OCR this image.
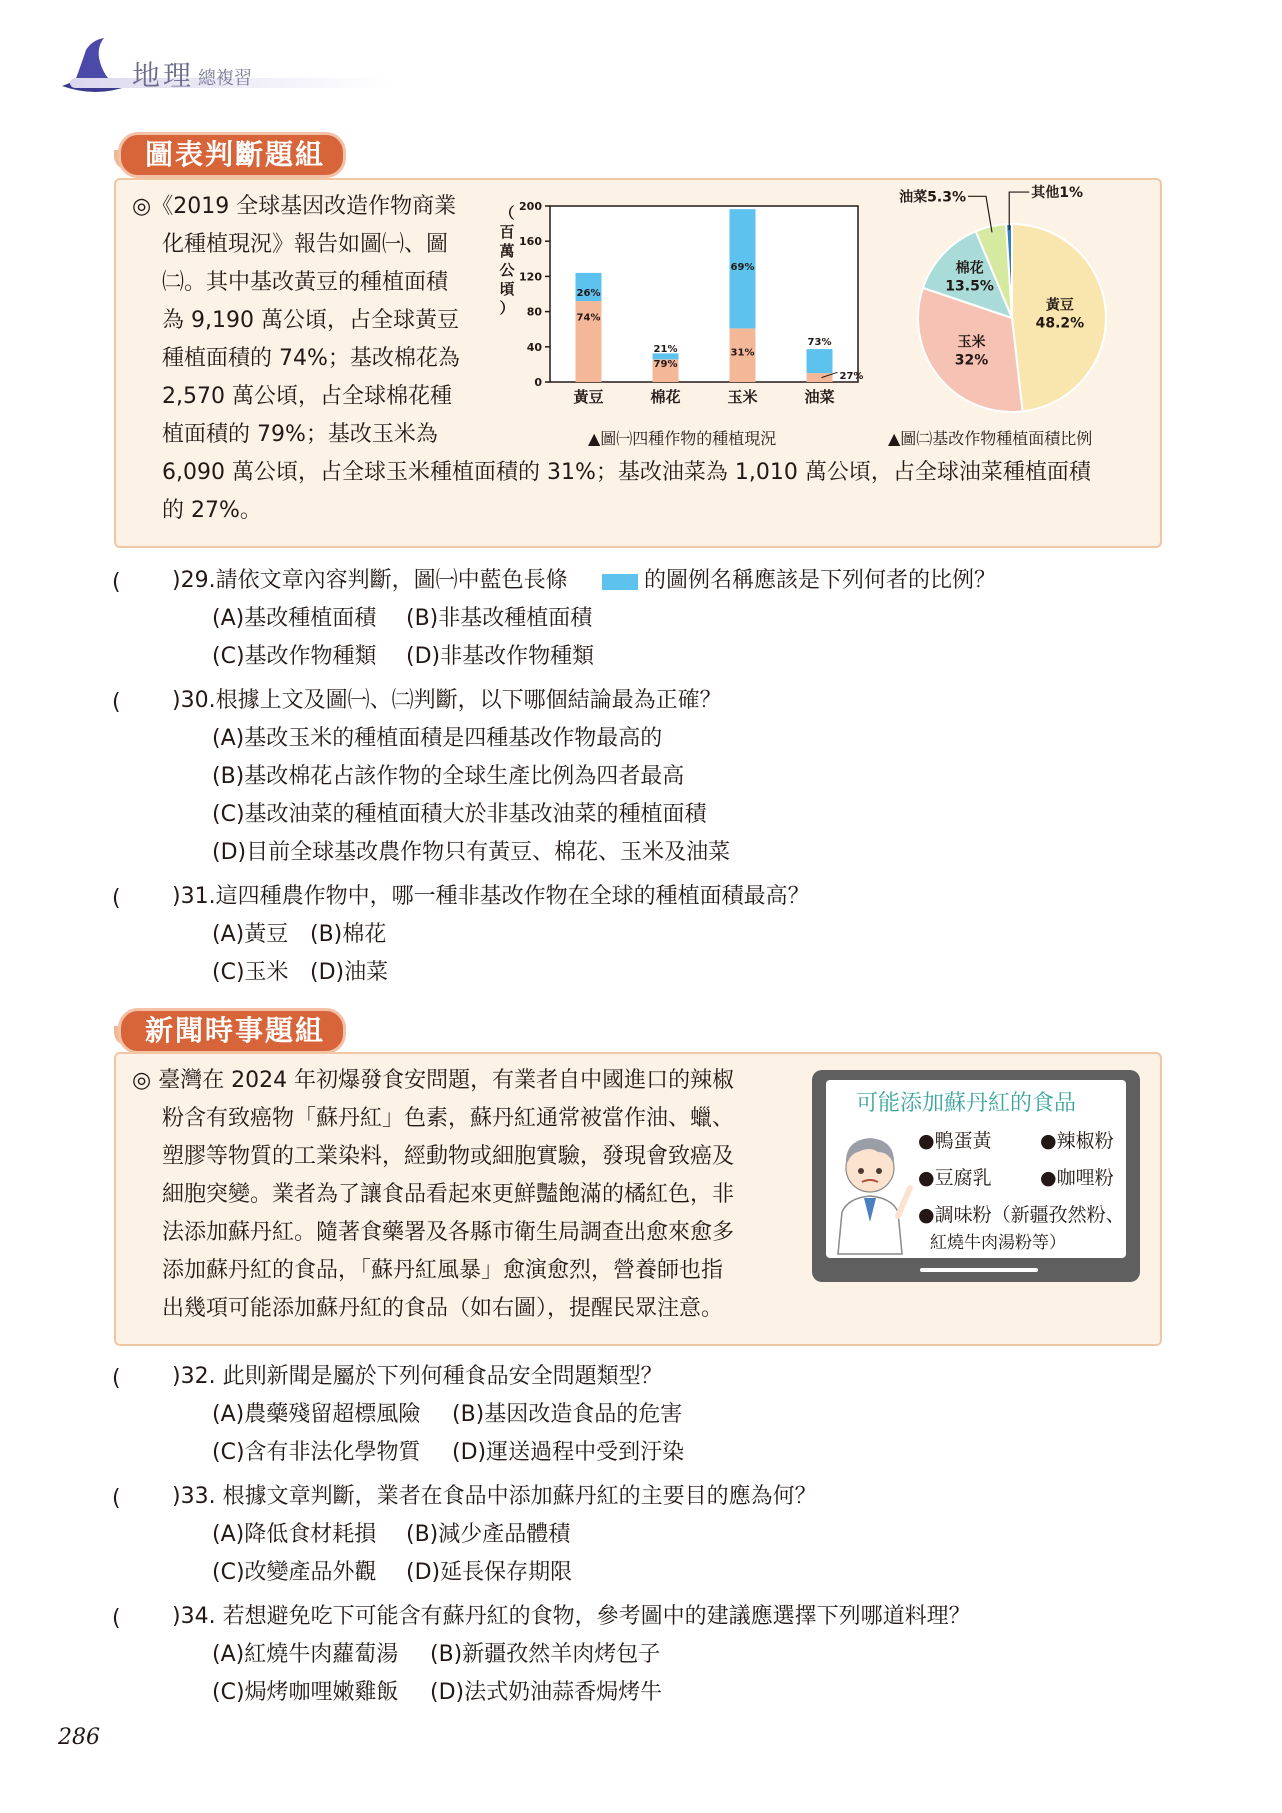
地理 總複習
圖表判斷題組
◎《2019 全球基因改造作物商業
化種植現況》報告如圖㈠、圖
㈡。其中基改黃豆的種植面積
為 9,190 萬公頃，占全球黃豆
種植面積的 74%；基改棉花為
2,570 萬公頃，占全球棉花種
植面積的 79%；基改玉米為
6,090 萬公頃，占全球玉米種植面積的 31%；基改油菜為 1,010 萬公頃，占全球油菜種植面積
的 27%。
0
40
80
120
160
200
黃豆	棉花	玉米	油菜
74%
26%
79%
21%	31%
69%
73%
27%
（
百
萬
公
頃
）
▲圖㈠四種作物的種植現況
黃豆
48.2%
玉米
32%
棉花
13.5%
油菜5.3%	其他1%
▲圖㈡基改作物種植面積比例
( )29.請依文章內容判斷，圖㈠中藍色長條	的圖例名稱應該是下列何者的比例？
(A)基改種植面積 (B)非基改種植面積
(C)基改作物種類 (D)非基改作物種類
( )30.根據上文及圖㈠、㈡判斷，以下哪個結論最為正確？
(A)基改玉米的種植面積是四種基改作物最高的
(B)基改棉花占該作物的全球生產比例為四者最高
(C)基改油菜的種植面積大於非基改油菜的種植面積
(D)目前全球基改農作物只有黃豆、棉花、玉米及油菜
( )31.這四種農作物中，哪一種非基改作物在全球的種植面積最高？
(A)黃豆 (B)棉花
(C)玉米 (D)油菜
新聞時事題組
◎ 臺灣在 2024 年初爆發食安問題，有業者自中國進口的辣椒
粉含有致癌物「蘇丹紅」色素，蘇丹紅通常被當作油、蠟、
塑膠等物質的工業染料，經動物或細胞實驗，發現會致癌及
細胞突變。業者為了讓食品看起來更鮮豔飽滿的橘紅色，非
法添加蘇丹紅。隨著食藥署及各縣市衛生局調查出愈來愈多
添加蘇丹紅的食品，「蘇丹紅風暴」愈演愈烈，營養師也指
出幾項可能添加蘇丹紅的食品（如右圖），提醒民眾注意。
可能添加蘇丹紅的食品
●鴨蛋黃	●辣椒粉
●豆腐乳	●咖哩粉
●調味粉（新疆孜然粉、
紅燒牛肉湯粉等）
( )32. 此則新聞是屬於下列何種食品安全問題類型？
(A)農藥殘留超標風險 (B)基因改造食品的危害
(C)含有非法化學物質 (D)運送過程中受到汙染
( )33. 根據文章判斷，業者在食品中添加蘇丹紅的主要目的應為何？
(A)降低食材耗損 (B)減少產品體積
(C)改變產品外觀 (D)延長保存期限
( )34. 若想避免吃下可能含有蘇丹紅的食物，參考圖中的建議應選擇下列哪道料理？
(A)紅燒牛肉蘿蔔湯 (B)新疆孜然羊肉烤包子
(C)焗烤咖哩嫩雞飯 (D)法式奶油蒜香焗烤牛
286
